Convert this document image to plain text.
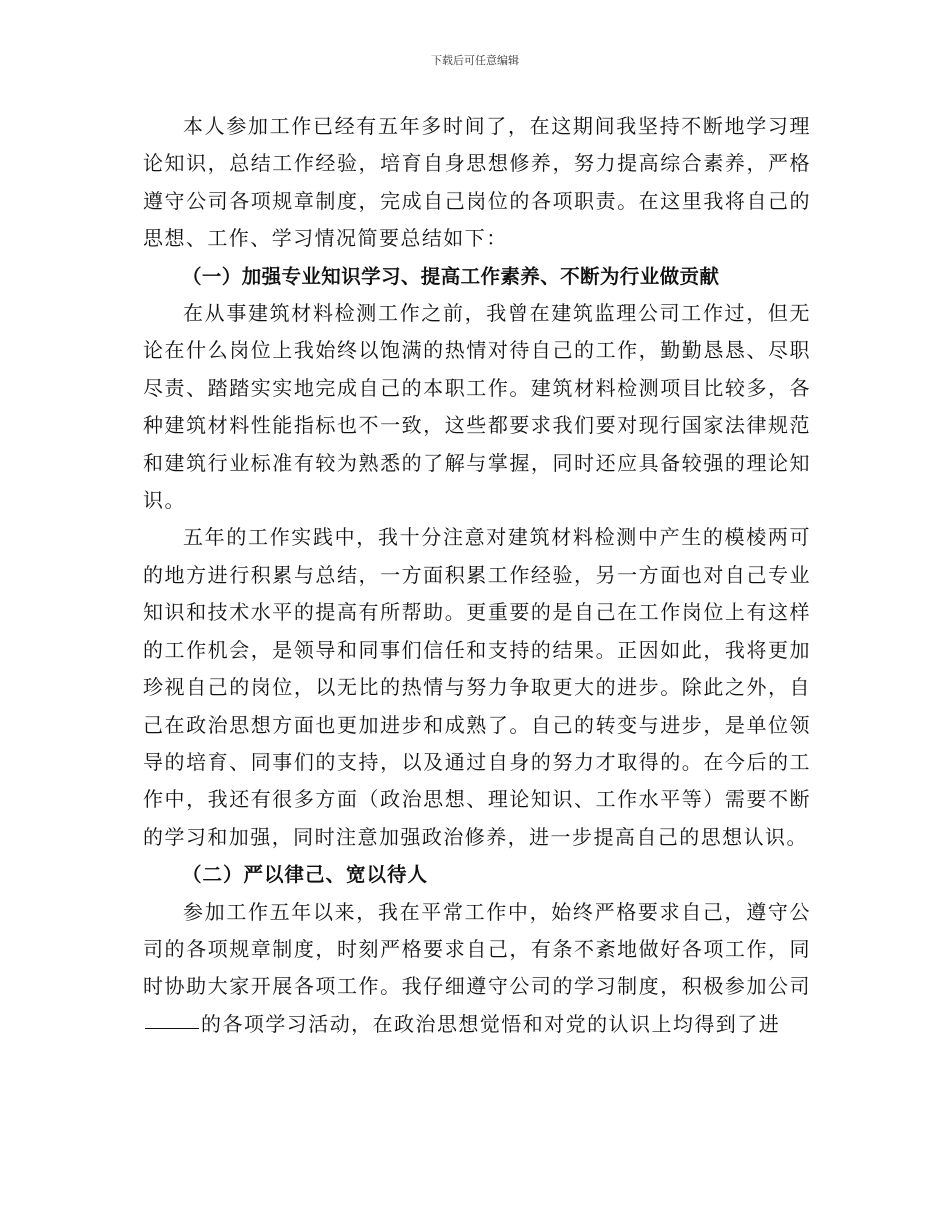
下载后可任意编辑

本人参加工作已经有五年多时间了，在这期间我坚持不断地学习理论知识，总结工作经验，培育自身思想修养，努力提高综合素养，严格遵守公司各项规章制度，完成自己岗位的各项职责。在这里我将自己的思想、工作、学习情况简要总结如下：

（一）加强专业知识学习、提高工作素养、不断为行业做贡献

在从事建筑材料检测工作之前，我曾在建筑监理公司工作过，但无论在什么岗位上我始终以饱满的热情对待自己的工作，勤勤恳恳、尽职尽责、踏踏实实地完成自己的本职工作。建筑材料检测项目比较多，各种建筑材料性能指标也不一致，这些都要求我们要对现行国家法律规范和建筑行业标准有较为熟悉的了解与掌握，同时还应具备较强的理论知识。

五年的工作实践中，我十分注意对建筑材料检测中产生的模棱两可的地方进行积累与总结，一方面积累工作经验，另一方面也对自己专业知识和技术水平的提高有所帮助。更重要的是自己在工作岗位上有这样的工作机会，是领导和同事们信任和支持的结果。正因如此，我将更加珍视自己的岗位，以无比的热情与努力争取更大的进步。除此之外，自己在政治思想方面也更加进步和成熟了。自己的转变与进步，是单位领导的培育、同事们的支持，以及通过自身的努力才取得的。在今后的工作中，我还有很多方面（政治思想、理论知识、工作水平等）需要不断的学习和加强，同时注意加强政治修养，进一步提高自己的思想认识。

（二）严以律己、宽以待人

参加工作五年以来，我在平常工作中，始终严格要求自己，遵守公司的各项规章制度，时刻严格要求自己，有条不紊地做好各项工作，同时协助大家开展各项工作。我仔细遵守公司的学习制度，积极参加公司的各项学习活动，在政治思想觉悟和对党的认识上均得到了进
